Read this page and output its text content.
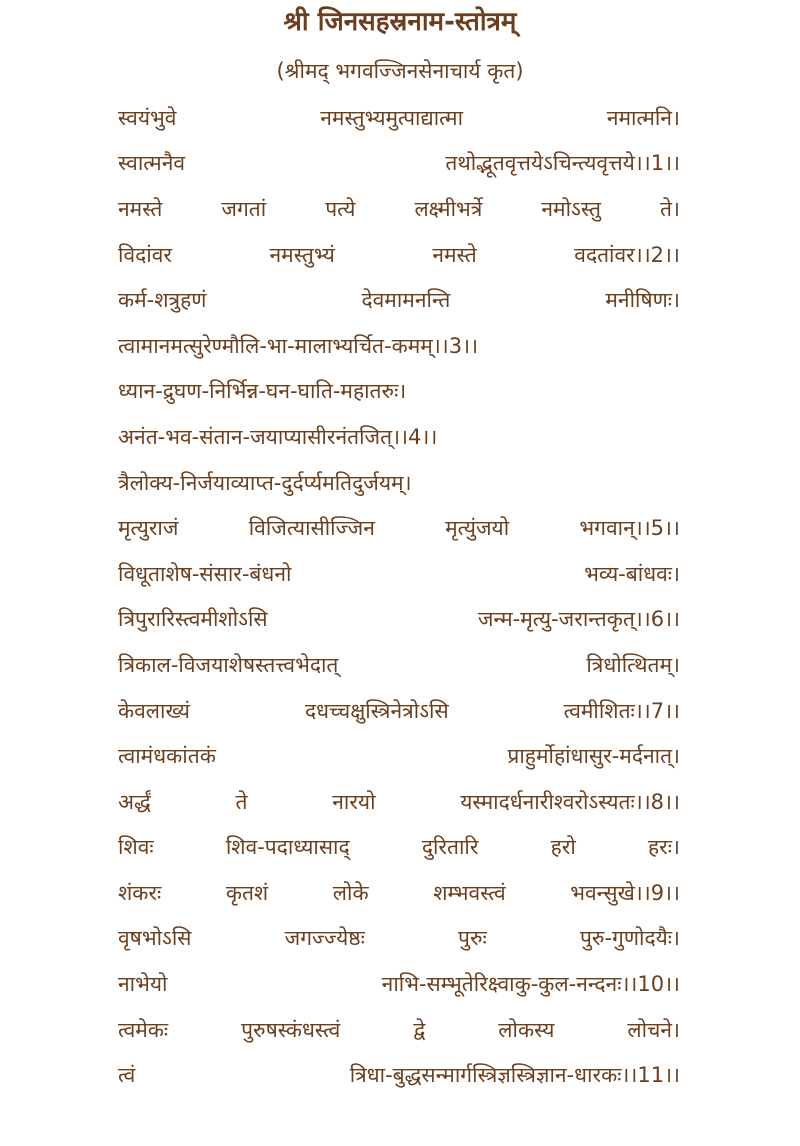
श्री जिनसहस्रनाम-स्तोत्रम्
(श्रीमद् भगवज्जिनसेनाचार्य कृत)
स्वयंभुवे	नमस्तुभ्यमुत्पाद्यात्मा	नमात्मनि।
स्वात्मनैव	तथोद्भूतवृत्तयेऽचिन्त्यवृत्तये।।1।।
नमस्ते	जगतां	पत्ये	लक्ष्मीभर्त्रे	नमोऽस्तु	ते।
विदांवर	नमस्तुभ्यं	नमस्ते	वदतांवर।।2।।
कर्म-शत्रुहणं	देवमामनन्ति	मनीषिणः।
त्वामानमत्सुरेण्मौलि-भा-मालाभ्यर्चित-कमम्।।3।।
ध्यान-द्रुघण-निर्भिन्न-घन-घाति-महातरुः।
अनंत-भव-संतान-जयाप्यासीरनंतजित्।।4।।
त्रैलोक्य-निर्जयाव्याप्त-दुर्दर्प्यमतिदुर्जयम्।
मृत्युराजं	विजित्यासीज्जिन	मृत्युंजयो	भगवान्।।5।।
विधूताशेष-संसार-बंधनो	भव्य-बांधवः।
त्रिपुरारिस्त्वमीशोऽसि	जन्म-मृत्यु-जरान्तकृत्।।6।।
त्रिकाल-विजयाशेषस्तत्त्वभेदात्	त्रिधोत्थितम्।
केवलाख्यं	दधच्चक्षुस्त्रिनेत्रोऽसि	त्वमीशितः।।7।।
त्वामंधकांतकं	प्राहुर्मोहांधासुर-मर्दनात्।
अर्द्धं	ते	नारयो	यस्मादर्धनारीश्वरोऽस्यतः।।8।।
शिवः	शिव-पदाध्यासाद्	दुरितारि	हरो	हरः।
शंकरः	कृतशं	लोके	शम्भवस्त्वं	भवन्सुखे।।9।।
वृषभोऽसि	जगज्ज्येष्ठः	पुरुः	पुरु-गुणोदयैः।
नाभेयो	नाभि-सम्भूतेरिक्ष्वाकु-कुल-नन्दनः।।10।।
त्वमेकः	पुरुषस्कंधस्त्वं	द्वे	लोकस्य	लोचने।
त्वं	त्रिधा-बुद्धसन्मार्गस्त्रिज्ञस्त्रिज्ञान-धारकः।।11।।
